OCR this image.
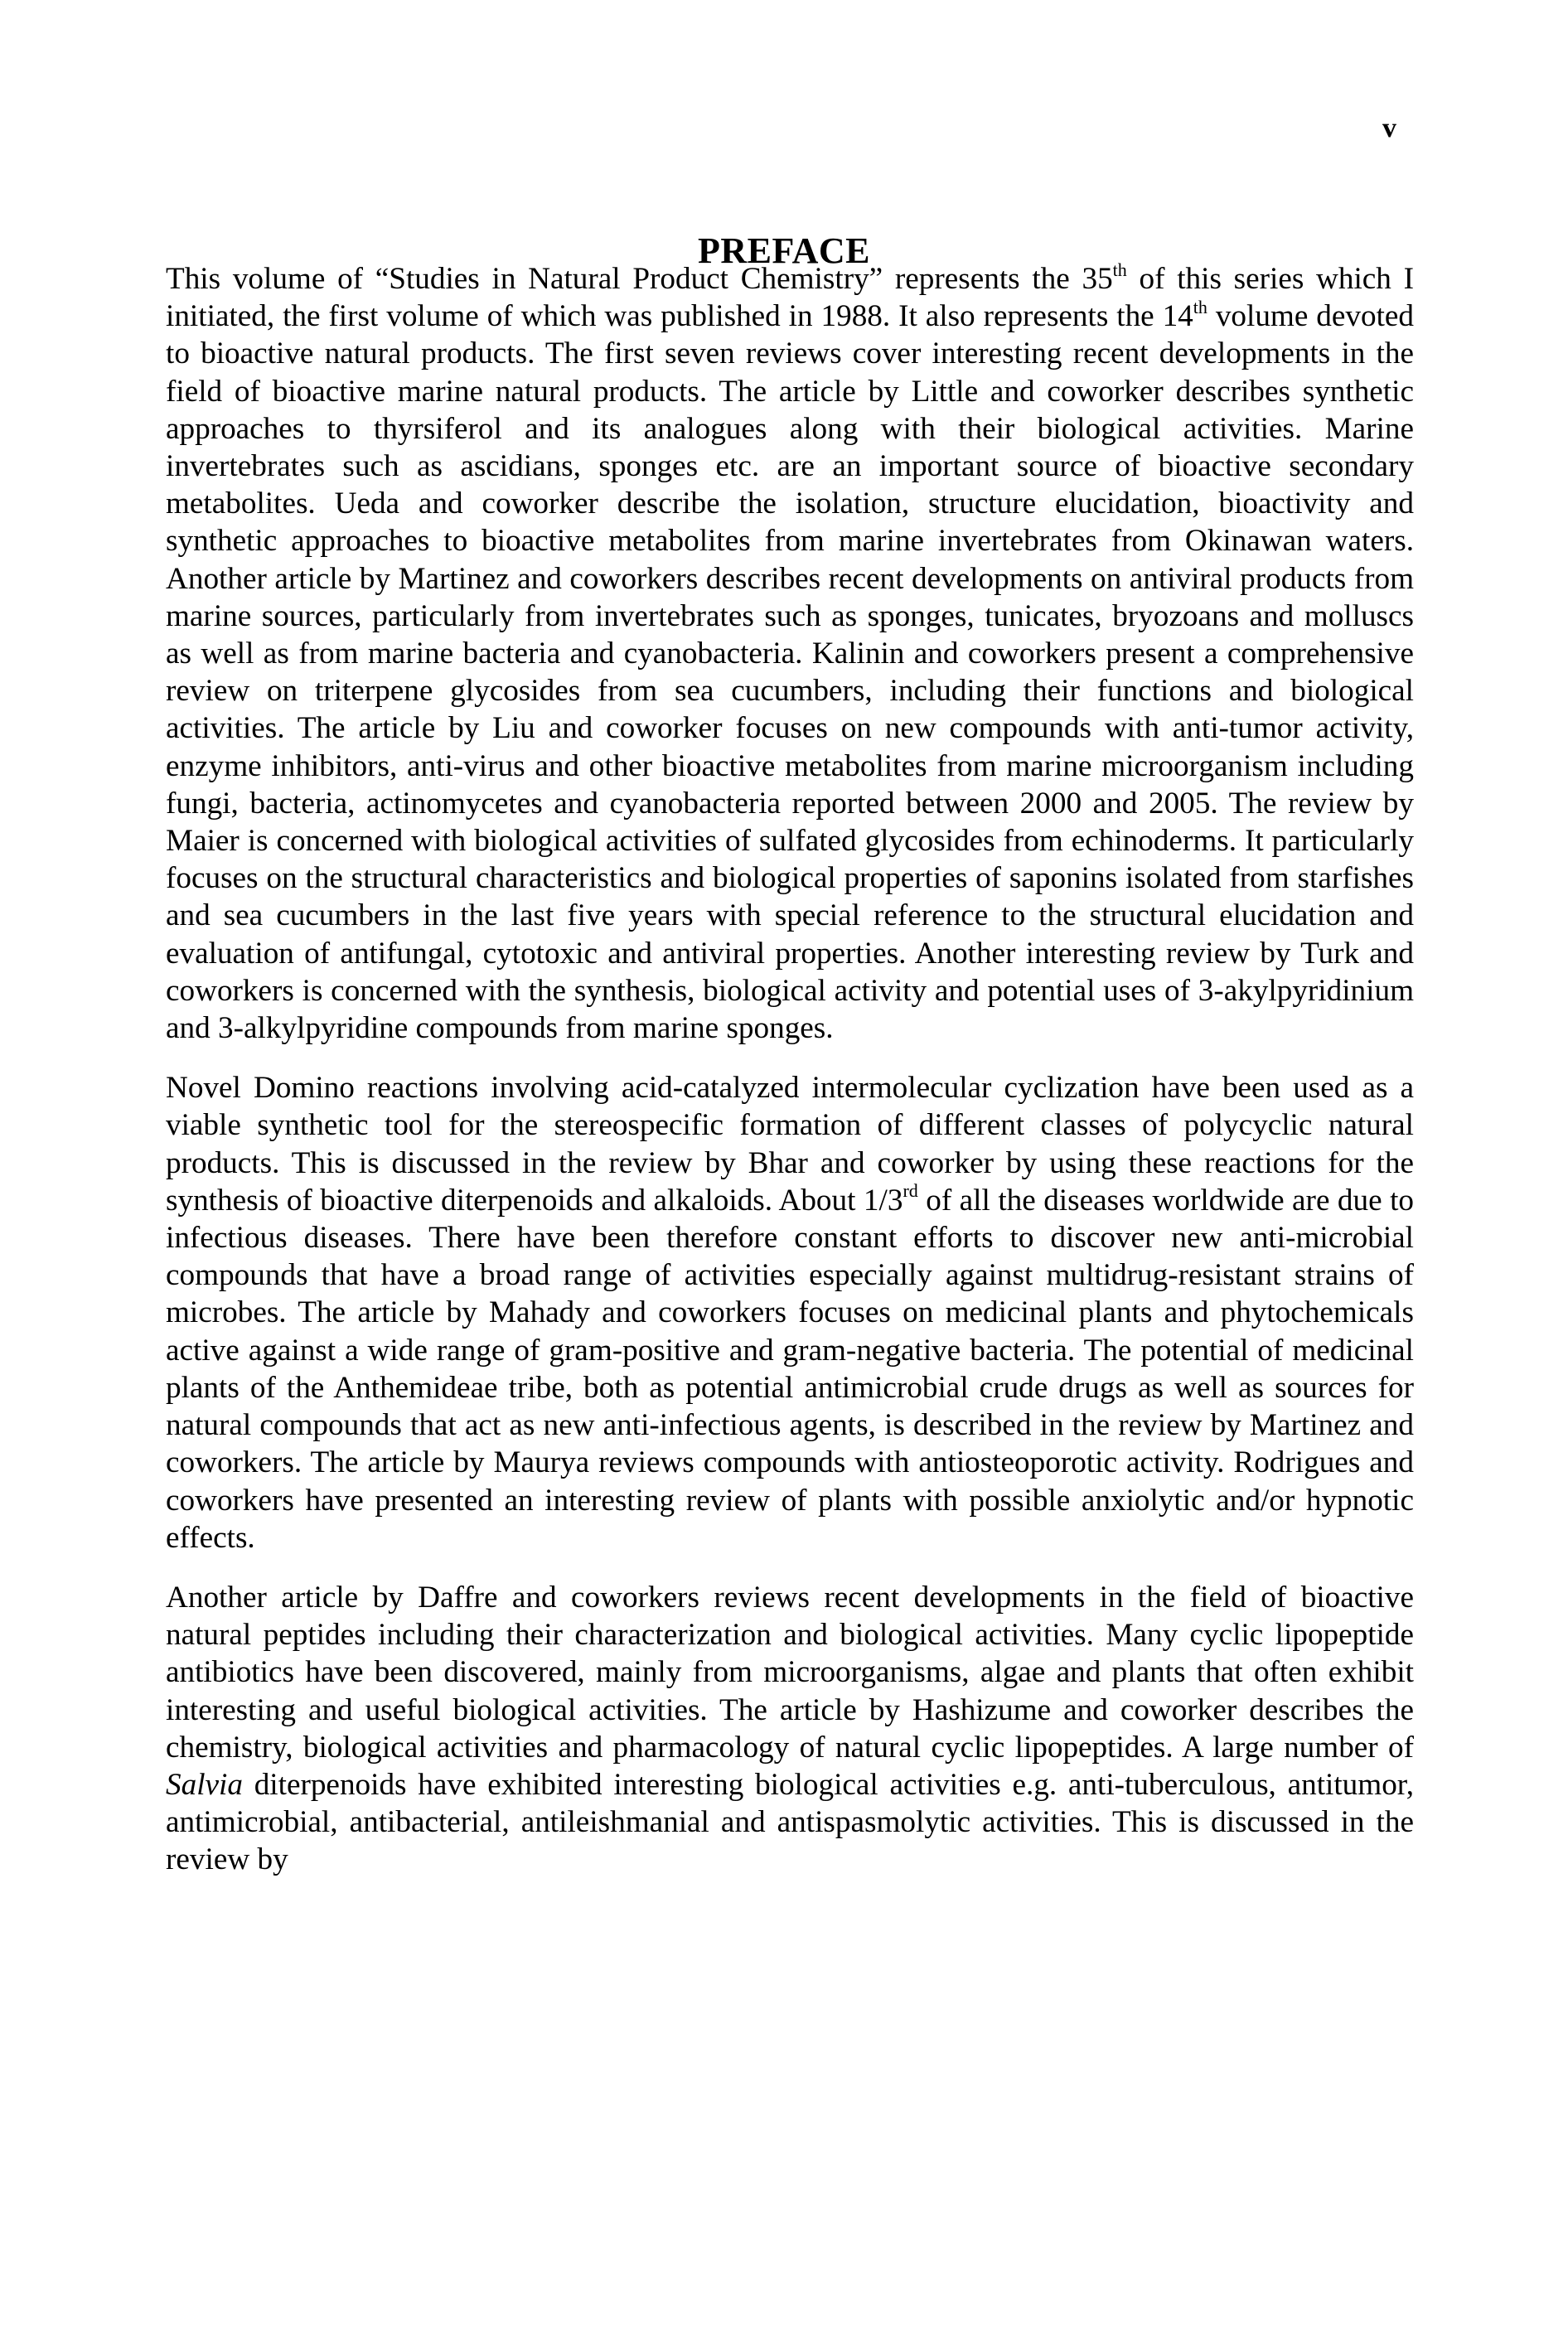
v
PREFACE

This volume of “Studies in Natural Product Chemistry” represents the 35th of this series which I initiated, the first volume of which was published in 1988. It also represents the 14th volume devoted to bioactive natural products. The first seven reviews cover interesting recent developments in the field of bioactive marine natural products. The article by Little and coworker describes synthetic approaches to thyrsiferol and its analogues along with their biological activities. Marine invertebrates such as ascidians, sponges etc. are an important source of bioactive secondary metabolites. Ueda and coworker describe the isolation, structure elucidation, bioactivity and synthetic approaches to bioactive metabolites from marine invertebrates from Okinawan waters. Another article by Martinez and coworkers describes recent developments on antiviral products from marine sources, particularly from invertebrates such as sponges, tunicates, bryozoans and molluscs as well as from marine bacteria and cyanobacteria. Kalinin and coworkers present a comprehensive review on triterpene glycosides from sea cucumbers, including their functions and biological activities. The article by Liu and coworker focuses on new compounds with anti-tumor activity, enzyme inhibitors, anti-virus and other bioactive metabolites from marine microorganism including fungi, bacteria, actinomycetes and cyanobacteria reported between 2000 and 2005. The review by Maier is concerned with biological activities of sulfated glycosides from echinoderms. It particularly focuses on the structural characteristics and biological properties of saponins isolated from starfishes and sea cucumbers in the last five years with special reference to the structural elucidation and evaluation of antifungal, cytotoxic and antiviral properties. Another interesting review by Turk and coworkers is concerned with the synthesis, biological activity and potential uses of 3-akylpyridinium and 3-alkylpyridine compounds from marine sponges.

Novel Domino reactions involving acid-catalyzed intermolecular cyclization have been used as a viable synthetic tool for the stereospecific formation of different classes of polycyclic natural products. This is discussed in the review by Bhar and coworker by using these reactions for the synthesis of bioactive diterpenoids and alkaloids. About 1/3rd of all the diseases worldwide are due to infectious diseases. There have been therefore constant efforts to discover new anti-microbial compounds that have a broad range of activities especially against multidrug-resistant strains of microbes. The article by Mahady and coworkers focuses on medicinal plants and phytochemicals active against a wide range of gram-positive and gram-negative bacteria. The potential of medicinal plants of the Anthemideae tribe, both as potential antimicrobial crude drugs as well as sources for natural compounds that act as new anti-infectious agents, is described in the review by Martinez and coworkers. The article by Maurya reviews compounds with antiosteoporotic activity. Rodrigues and coworkers have presented an interesting review of plants with possible anxiolytic and/or hypnotic effects.

Another article by Daffre and coworkers reviews recent developments in the field of bioactive natural peptides including their characterization and biological activities. Many cyclic lipopeptide antibiotics have been discovered, mainly from microorganisms, algae and plants that often exhibit interesting and useful biological activities. The article by Hashizume and coworker describes the chemistry, biological activities and pharmacology of natural cyclic lipopeptides. A large number of Salvia diterpenoids have exhibited interesting biological activities e.g. anti-tuberculous, antitumor, antimicrobial, antibacterial, antileishmanial and antispasmolytic activities. This is discussed in the review by
